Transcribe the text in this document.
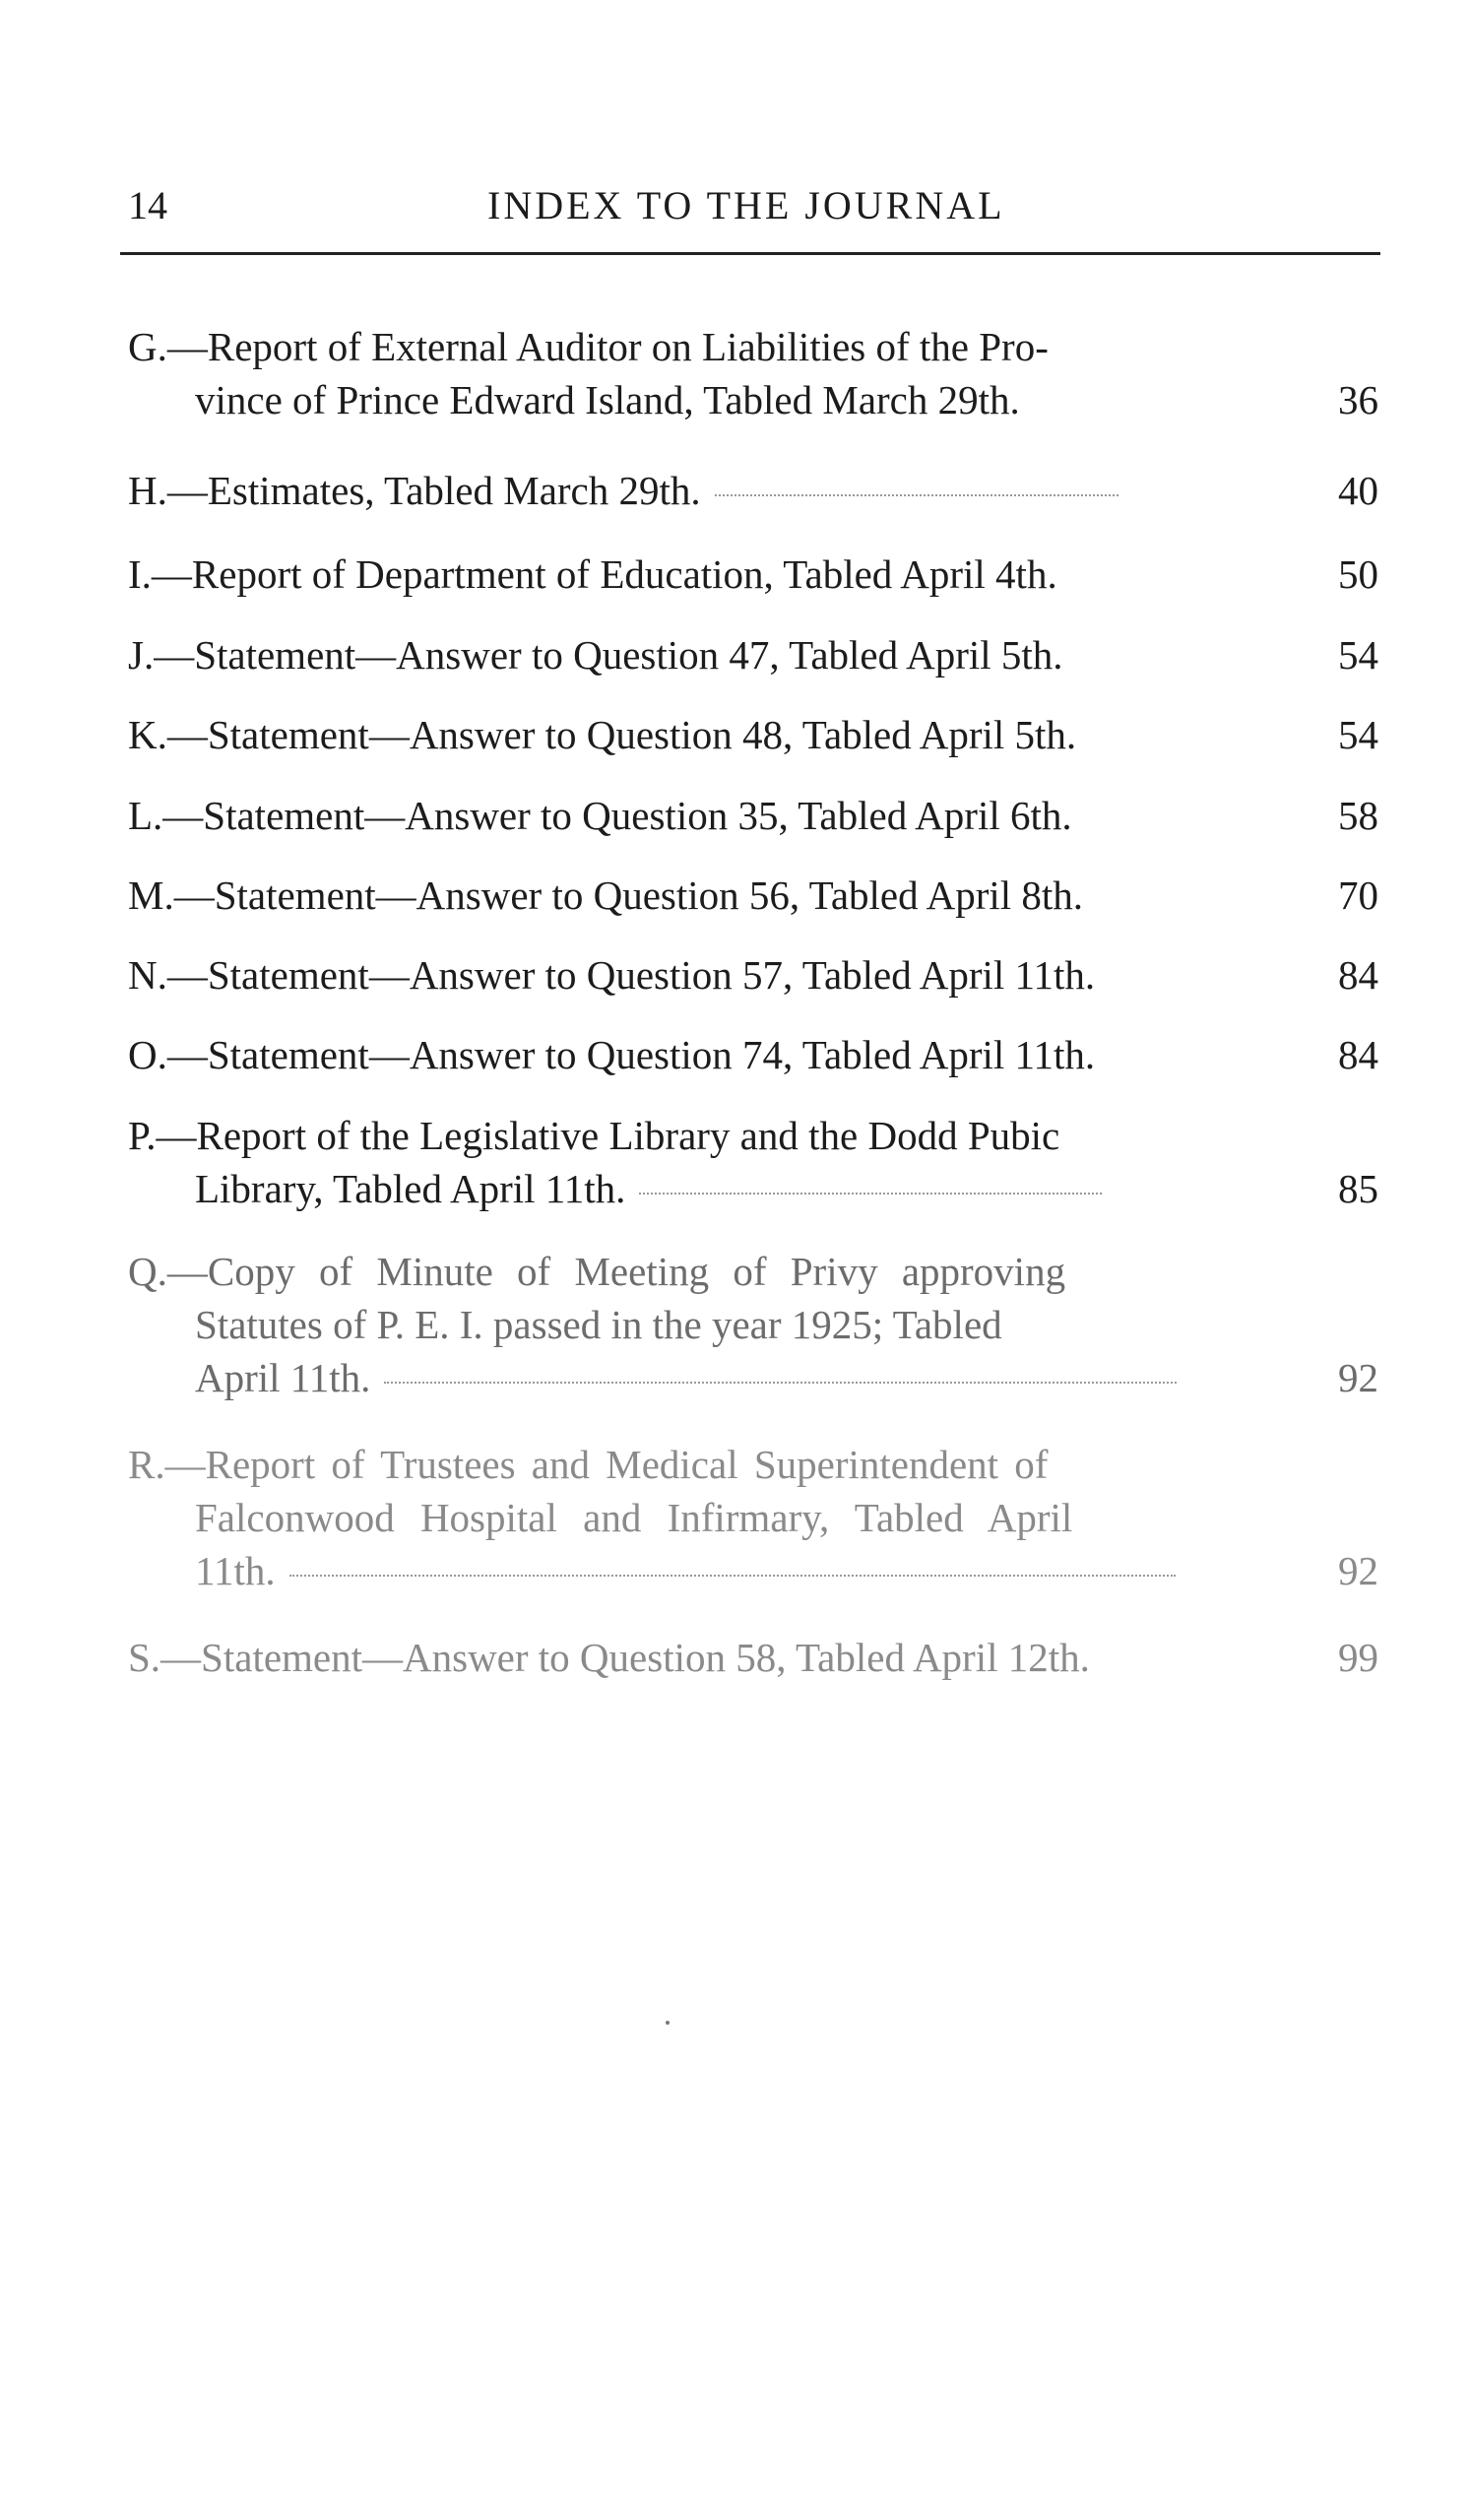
14	INDEX TO THE JOURNAL
G.—Report of External Auditor on Liabilities of the Pro-
vince of Prince Edward Island, Tabled March 29th.	36
H.—Estimates, Tabled March 29th.	40
I.—Report of Department of Education, Tabled April 4th.	50
J.—Statement—Answer to Question 47, Tabled April 5th.	54
K.—Statement—Answer to Question 48, Tabled April 5th.	54
L.—Statement—Answer to Question 35, Tabled April 6th.	58
M.—Statement—Answer to Question 56, Tabled April 8th.	70
N.—Statement—Answer to Question 57, Tabled April 11th.	84
O.—Statement—Answer to Question 74, Tabled April 11th.	84
P.—Report of the Legislative Library and the Dodd Pubic
Library, Tabled April 11th.	85
Q.—Copy of Minute of Meeting of Privy approving
Statutes of P. E. I. passed in the year 1925; Tabled
April 11th.	92
R.—Report of Trustees and Medical Superintendent of
Falconwood Hospital and Infirmary, Tabled April
11th.	92
S.—Statement—Answer to Question 58, Tabled April 12th.	99
